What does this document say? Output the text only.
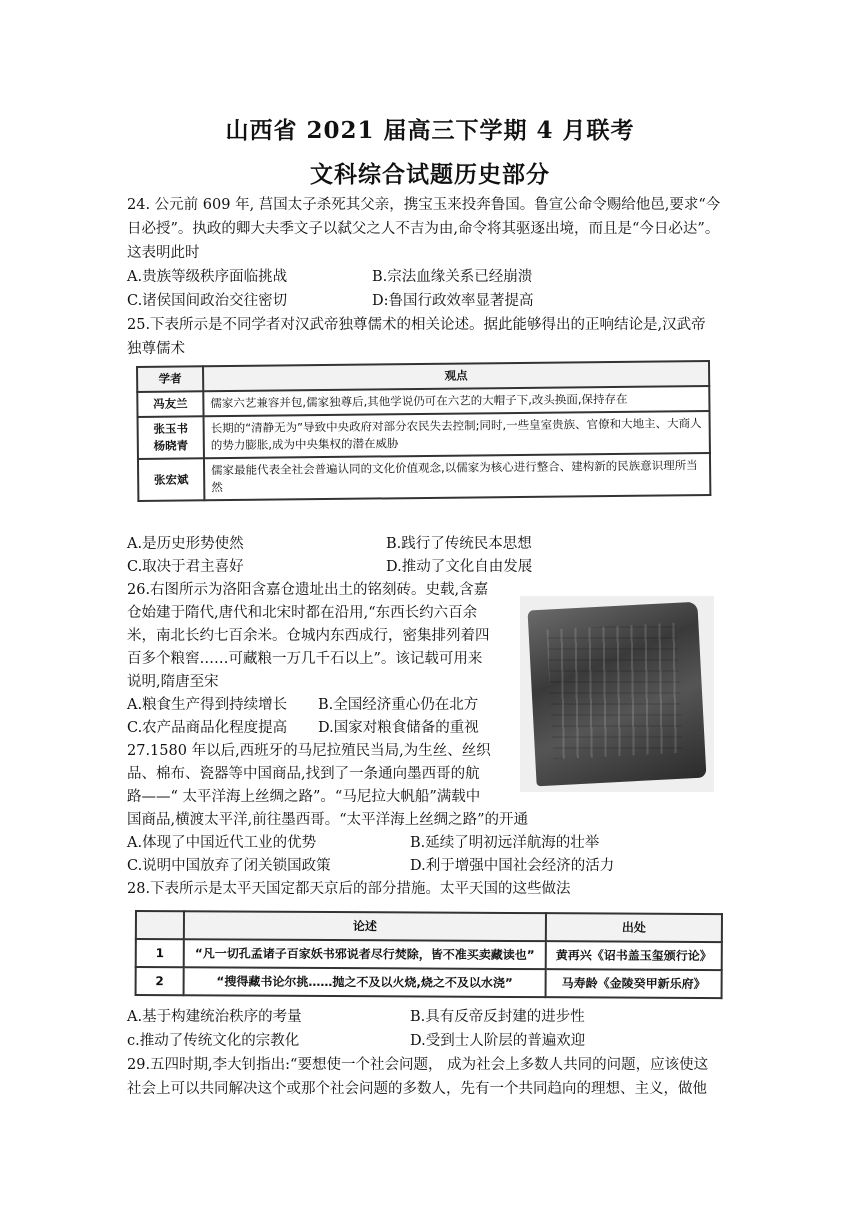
山西省 2021 届高三下学期 4 月联考
文科综合试题历史部分
24. 公元前 609 年, 莒国太子杀死其父亲，携宝玉来投奔鲁国。鲁宣公命令赐给他邑,要求“今
日必授”。执政的卿大夫季文子以弑父之人不吉为由,命令将其驱逐出境，而且是“今日必达”。
这表明此时
A.贵族等级秩序面临挑战	B.宗法血缘关系已经崩溃
C.诸侯国间政治交往密切	D:鲁国行政效率显著提高
25.下表所示是不同学者对汉武帝独尊儒术的相关论述。据此能够得出的正响结论是,汉武帝
独尊儒术
学者	观点
冯友兰	儒家六艺兼容并包,儒家独尊后,其他学说仍可在六艺的大帽子下,改头换面,保持存在
张玉书
杨晓青	长期的“清静无为”导致中央政府对部分农民失去控制;同时,一些皇室贵族、官僚和大地主、大商人的势力膨胀,成为中央集权的潜在威胁
张宏斌	儒家最能代表全社会普遍认同的文化价值观念,以儒家为核心进行整合、建构新的民族意识理所当然
A.是历史形势使然	B.践行了传统民本思想
C.取决于君主喜好	D.推动了文化自由发展
26.右图所示为洛阳含嘉仓遗址出土的铭刻砖。史载,含嘉
仓始建于隋代,唐代和北宋时都在沿用,“东西长约六百余
米，南北长约七百余米。仓城内东西成行，密集排列着四
百多个粮窖……可藏粮一万几千石以上”。该记载可用来
说明,隋唐至宋
A.粮食生产得到持续增长 B.全国经济重心仍在北方
C.农产品商品化程度提高 D.国家对粮食储备的重视
27.1580 年以后,西班牙的马尼拉殖民当局,为生丝、丝织
品、棉布、瓷器等中国商品,找到了一条通向墨西哥的航
路——“ 太平洋海上丝绸之路”。“马尼拉大帆船”满载中
国商品,横渡太平洋,前往墨西哥。“太平洋海上丝绸之路”的开通
A.体现了中国近代工业的优势	B.延续了明初远洋航海的壮举
C.说明中国放弃了闭关锁国政策	D.利于增强中国社会经济的活力
28.下表所示是太平天国定都天京后的部分措施。太平天国的这些做法
	论述	出处
1	“凡一切孔孟诸子百家妖书邪说者尽行焚除，皆不准买卖藏读也”	黄再兴《诏书盖玉玺颁行论》
2	“搜得藏书论尔挑……抛之不及以火烧,烧之不及以水浇”	马寿龄《金陵癸甲新乐府》
A.基于构建统治秩序的考量	B.具有反帝反封建的进步性
c.推动了传统文化的宗教化	D.受到士人阶层的普遍欢迎
29.五四时期,李大钊指出:“要想使一个社会问题， 成为社会上多数人共同的问题，应该使这
社会上可以共同解决这个或那个社会问题的多数人，先有一个共同趋向的理想、主义，做他
